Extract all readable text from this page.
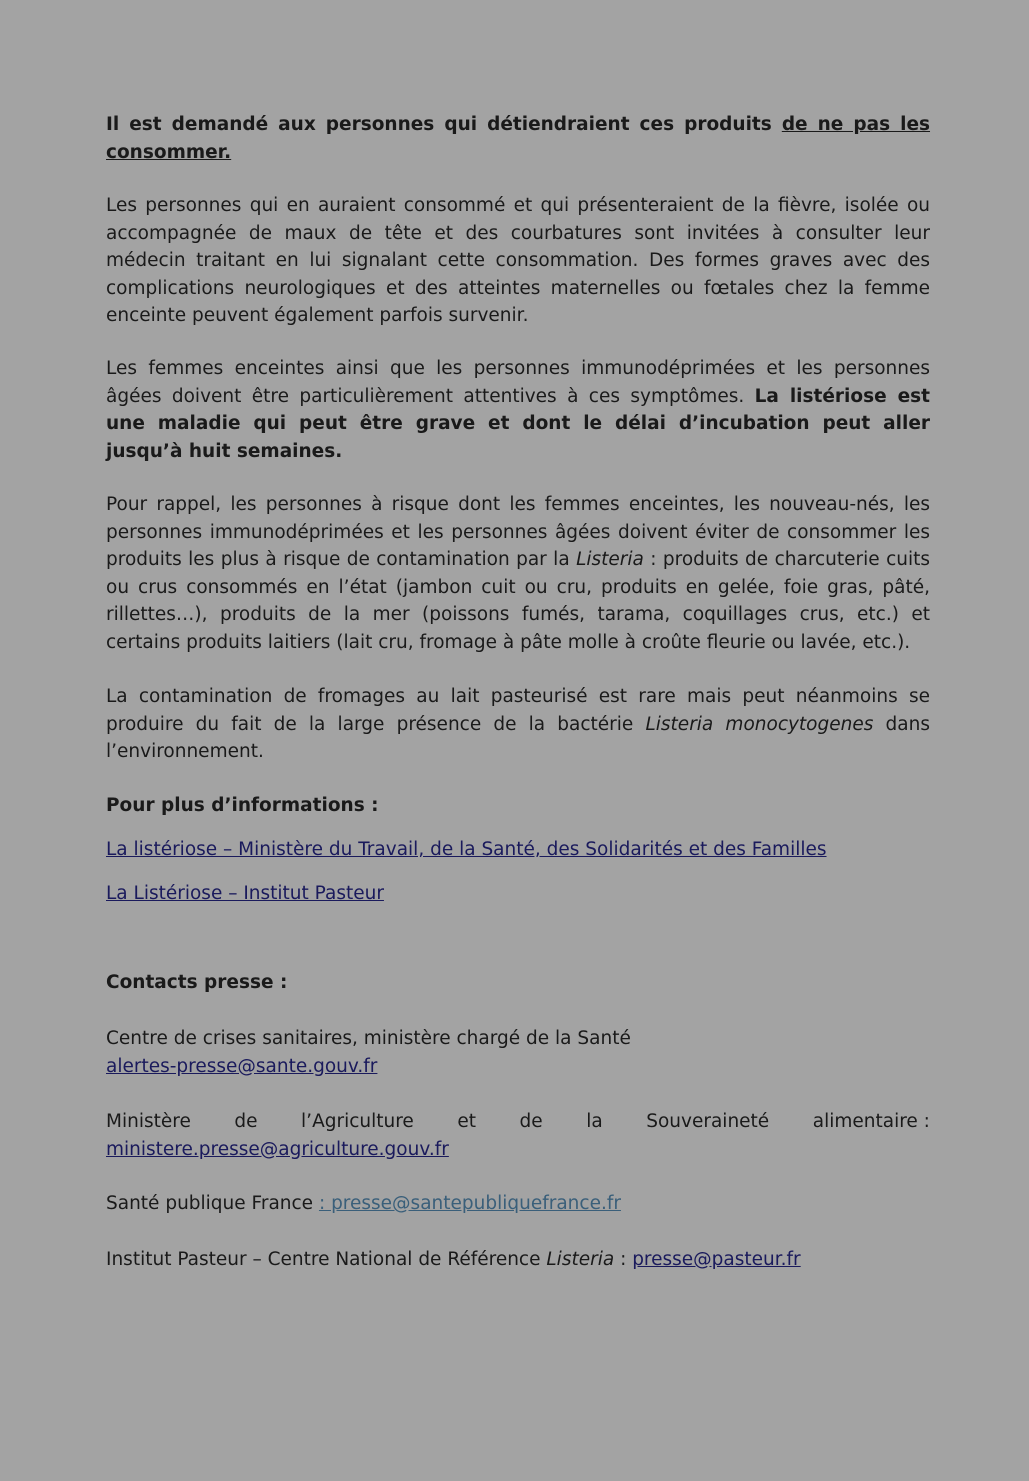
Il est demandé aux personnes qui détiendraient ces produits de ne pas les consommer.

Les personnes qui en auraient consommé et qui présenteraient de la fièvre, isolée ou accompagnée de maux de tête et des courbatures sont invitées à consulter leur médecin traitant en lui signalant cette consommation. Des formes graves avec des complications neurologiques et des atteintes maternelles ou fœtales chez la femme enceinte peuvent également parfois survenir.

Les femmes enceintes ainsi que les personnes immunodéprimées et les personnes âgées doivent être particulièrement attentives à ces symptômes. La listériose est une maladie qui peut être grave et dont le délai d’incubation peut aller jusqu’à huit semaines.

Pour rappel, les personnes à risque dont les femmes enceintes, les nouveau-nés, les personnes immunodéprimées et les personnes âgées doivent éviter de consommer les produits les plus à risque de contamination par la Listeria : produits de charcuterie cuits ou crus consommés en l’état (jambon cuit ou cru, produits en gelée, foie gras, pâté, rillettes…), produits de la mer (poissons fumés, tarama, coquillages crus, etc.) et certains produits laitiers (lait cru, fromage à pâte molle à croûte fleurie ou lavée, etc.).

La contamination de fromages au lait pasteurisé est rare mais peut néanmoins se produire du fait de la large présence de la bactérie Listeria monocytogenes dans l’environnement.

Pour plus d’informations :

La listériose – Ministère du Travail, de la Santé, des Solidarités et des Familles

La Listériose – Institut Pasteur

Contacts presse :

Centre de crises sanitaires, ministère chargé de la Santé
alertes-presse@sante.gouv.fr

Ministère de l’Agriculture et de la Souveraineté alimentaire :
ministere.presse@agriculture.gouv.fr

Santé publique France : presse@santepubliquefrance.fr

Institut Pasteur – Centre National de Référence Listeria : presse@pasteur.fr
